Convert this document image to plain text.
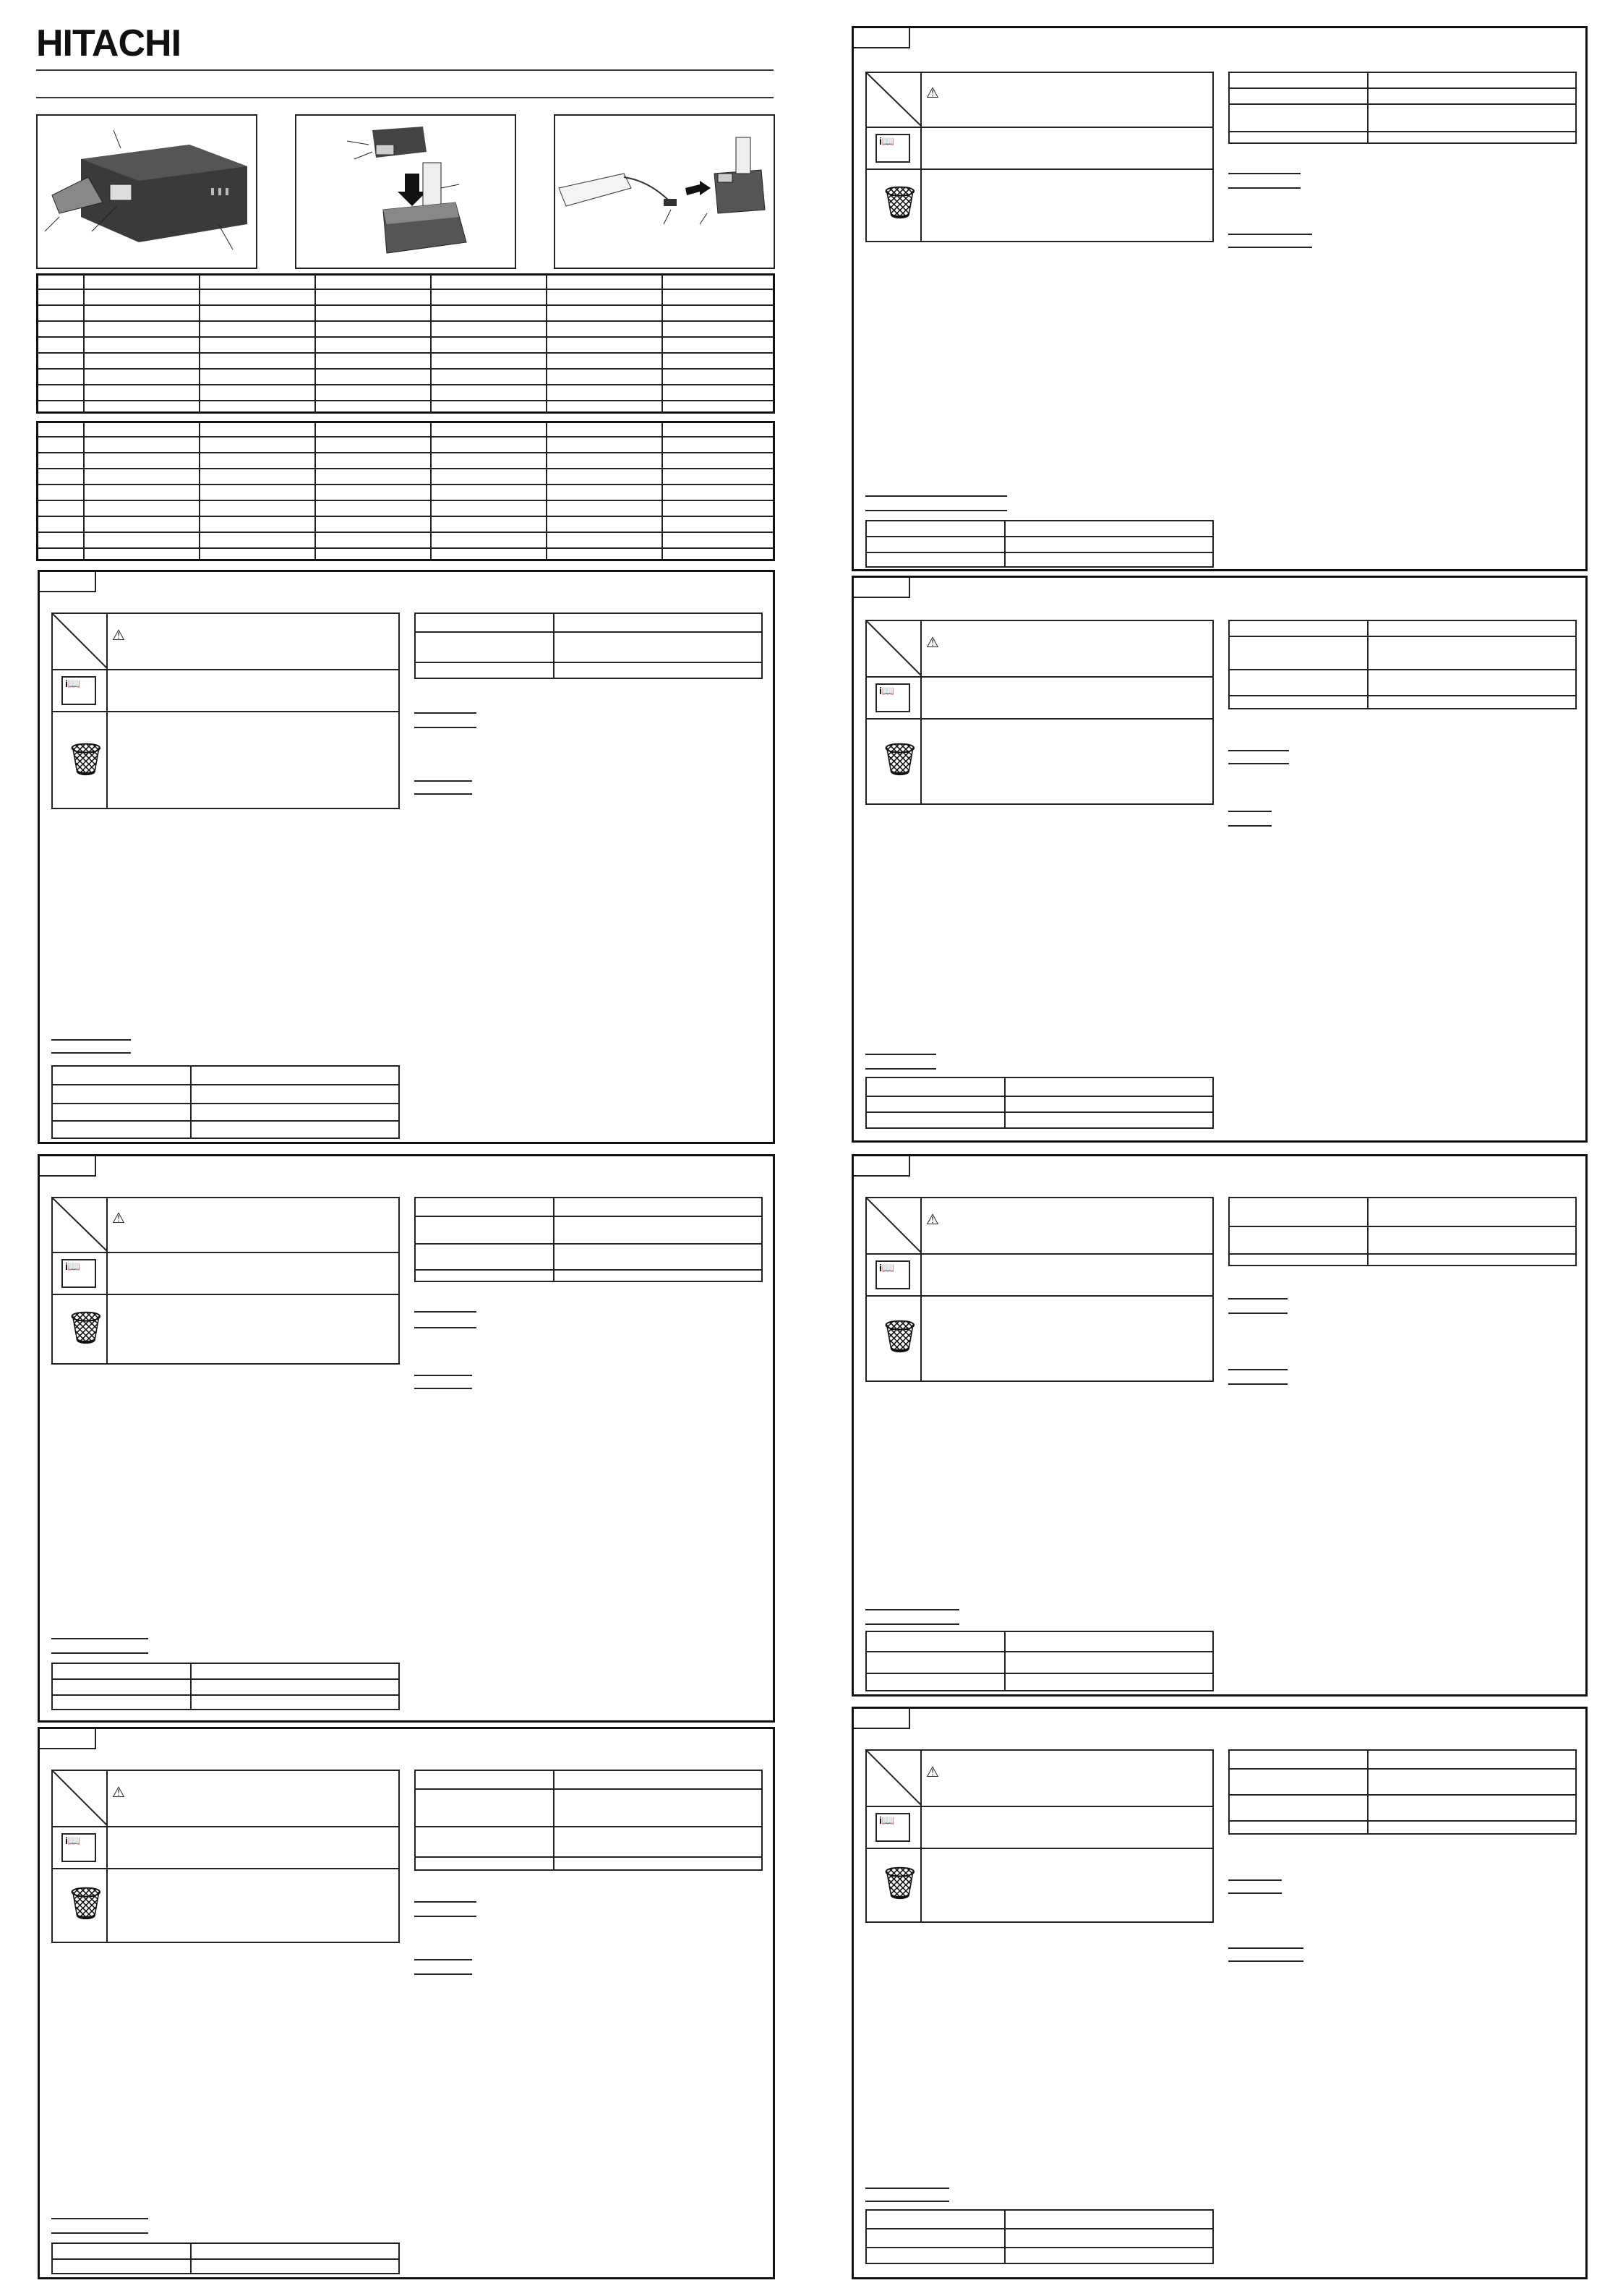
HITACHI
⚠
i📖
🗑
⚠
i📖
🗑
⚠
i📖
🗑
⚠
i📖
🗑
⚠
i📖
🗑
⚠
i📖
🗑
⚠
i📖
🗑
